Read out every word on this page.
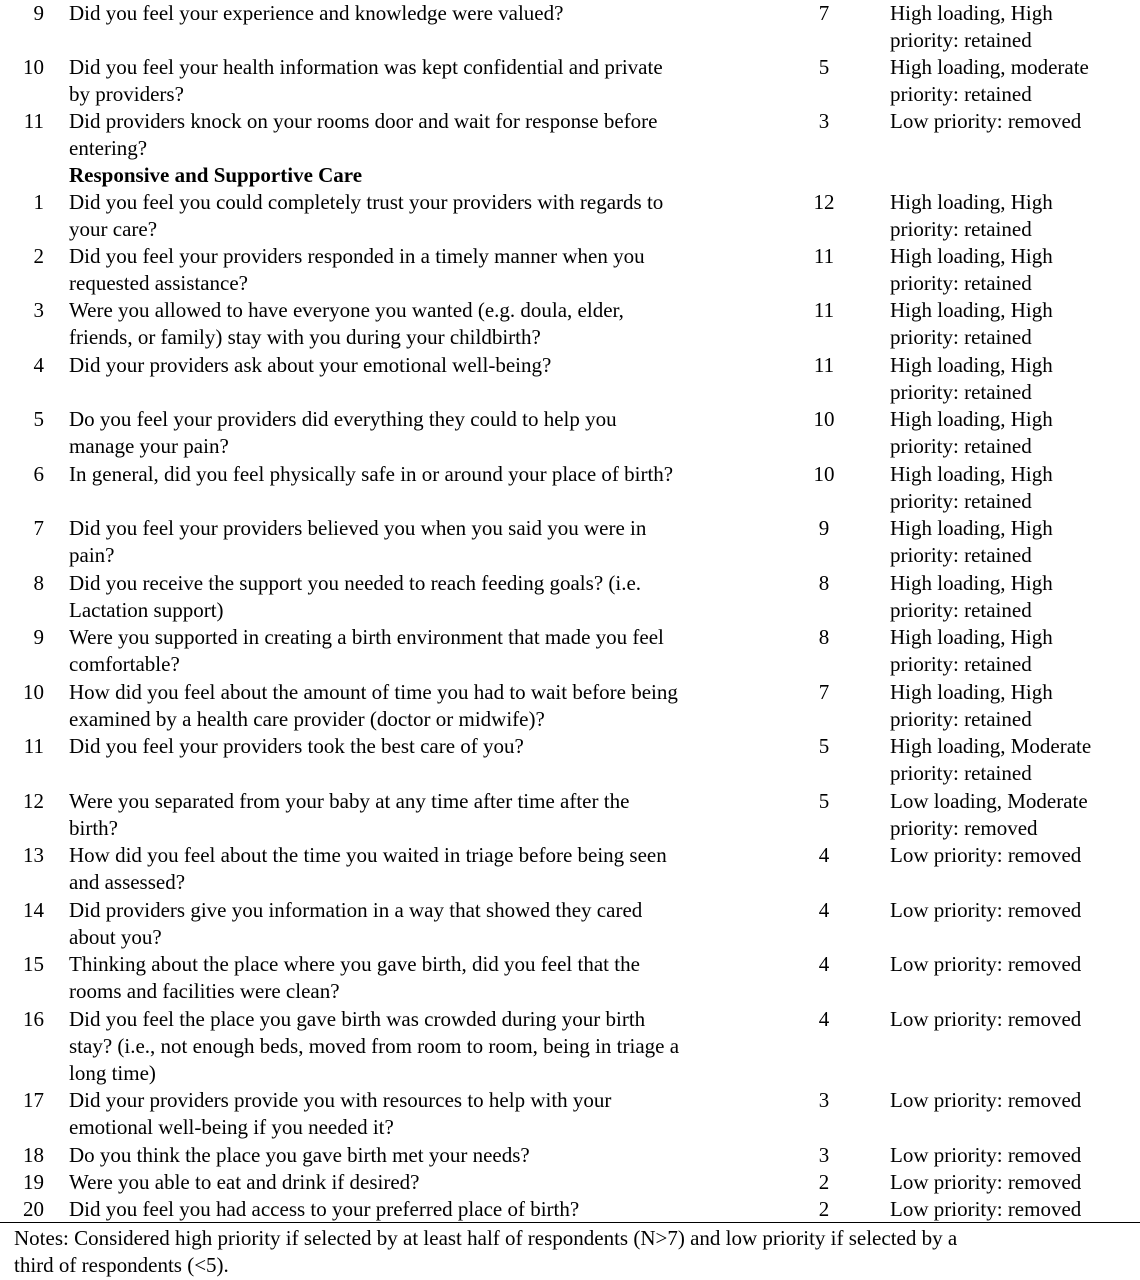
9 Did you feel your experience and knowledge were valued?	7	High loading, High
priority: retained
10 Did you feel your health information was kept confidential and private
by providers?
5	High loading, moderate
priority: retained
11 Did providers knock on your rooms door and wait for response before
entering?
3	Low priority: removed
Responsive and Supportive Care
1 Did you feel you could completely trust your providers with regards to
your care?
12	High loading, High
priority: retained
2 Did you feel your providers responded in a timely manner when you
requested assistance?
11	High loading, High
priority: retained
3 Were you allowed to have everyone you wanted (e.g. doula, elder,
friends, or family) stay with you during your childbirth?
11	High loading, High
priority: retained
4 Did your providers ask about your emotional well-being?	11	High loading, High
priority: retained
5 Do you feel your providers did everything they could to help you
manage your pain?
10	High loading, High
priority: retained
6 In general, did you feel physically safe in or around your place of birth?	10	High loading, High
priority: retained
7 Did you feel your providers believed you when you said you were in
pain?
9	High loading, High
priority: retained
8 Did you receive the support you needed to reach feeding goals? (i.e.
Lactation support)
8	High loading, High
priority: retained
9 Were you supported in creating a birth environment that made you feel
comfortable?
8	High loading, High
priority: retained
10 How did you feel about the amount of time you had to wait before being
examined by a health care provider (doctor or midwife)?
7	High loading, High
priority: retained
11 Did you feel your providers took the best care of you?	5	High loading, Moderate
priority: retained
12 Were you separated from your baby at any time after time after the
birth?
5	Low loading, Moderate
priority: removed
13 How did you feel about the time you waited in triage before being seen
and assessed?
4	Low priority: removed
14 Did providers give you information in a way that showed they cared
about you?
4	Low priority: removed
15 Thinking about the place where you gave birth, did you feel that the
rooms and facilities were clean?
4	Low priority: removed
16 Did you feel the place you gave birth was crowded during your birth
stay? (i.e., not enough beds, moved from room to room, being in triage a
long time)
4	Low priority: removed
17 Did your providers provide you with resources to help with your
emotional well-being if you needed it?
3	Low priority: removed
18 Do you think the place you gave birth met your needs?	3	Low priority: removed
19 Were you able to eat and drink if desired?	2	Low priority: removed
20 Did you feel you had access to your preferred place of birth?	2	Low priority: removed
Notes: Considered high priority if selected by at least half of respondents (N>7) and low priority if selected by a
third of respondents (<5).
